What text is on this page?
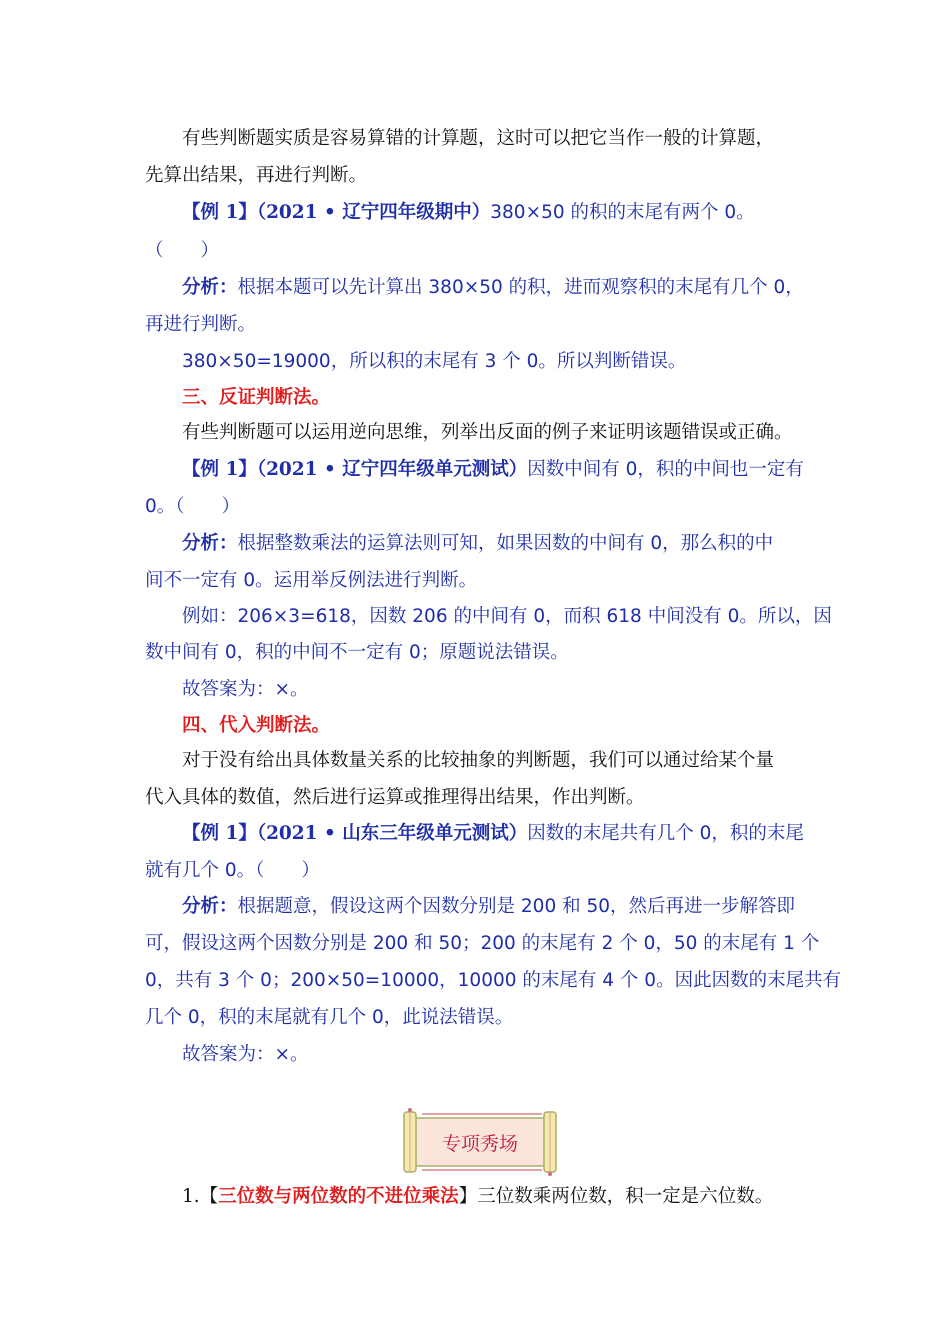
有些判断题实质是容易算错的计算题，这时可以把它当作一般的计算题，
先算出结果，再进行判断。
【例 1】（2021 • 辽宁四年级期中）380×50 的积的末尾有两个 0。
（　　）
分析：根据本题可以先计算出 380×50 的积，进而观察积的末尾有几个 0，
再进行判断。
380×50=19000，所以积的末尾有 3 个 0。所以判断错误。
三、反证判断法。
有些判断题可以运用逆向思维，列举出反面的例子来证明该题错误或正确。
【例 1】（2021 • 辽宁四年级单元测试）因数中间有 0，积的中间也一定有
0。（　　）
分析：根据整数乘法的运算法则可知，如果因数的中间有 0，那么积的中
间不一定有 0。运用举反例法进行判断。
例如：206×3=618，因数 206 的中间有 0，而积 618 中间没有 0。所以，因
数中间有 0，积的中间不一定有 0；原题说法错误。
故答案为：×。
四、代入判断法。
对于没有给出具体数量关系的比较抽象的判断题，我们可以通过给某个量
代入具体的数值，然后进行运算或推理得出结果，作出判断。
【例 1】（2021 • 山东三年级单元测试）因数的末尾共有几个 0，积的末尾
就有几个 0。（　　）
分析：根据题意，假设这两个因数分别是 200 和 50，然后再进一步解答即
可，假设这两个因数分别是 200 和 50；200 的末尾有 2 个 0，50 的末尾有 1 个
0，共有 3 个 0；200×50=10000，10000 的末尾有 4 个 0。因此因数的末尾共有
几个 0，积的末尾就有几个 0，此说法错误。
故答案为：×。
专项秀场
1.【三位数与两位数的不进位乘法】三位数乘两位数，积一定是六位数。
